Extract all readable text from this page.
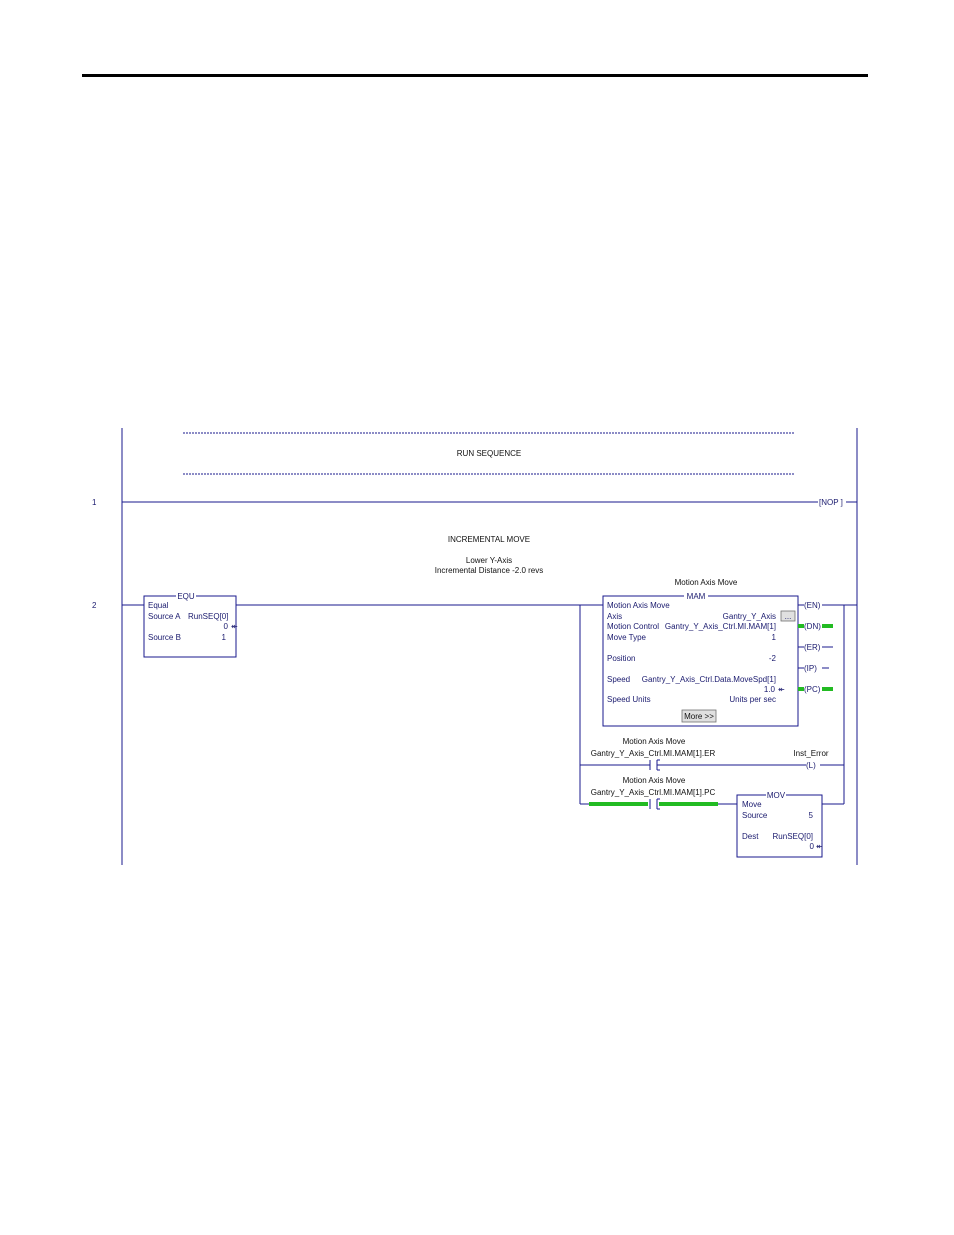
RUN SEQUENCE
1	[NOP ]
INCREMENTAL MOVE
Lower Y-Axis
Incremental Distance -2.0 revs
2
EQU
Equal
Source A RunSEQ[0]
0 ↞
Source B	1
Motion Axis Move
MAM
Motion Axis Move
Axis	Gantry_Y_Axis ...
Motion Control Gantry_Y_Axis_Ctrl.MI.MAM[1]
Move Type	1
Position	-2
Speed Gantry_Y_Axis_Ctrl.Data.MoveSpd[1]
1.0 ↞
Speed Units	Units per sec
More >>
(EN)
(DN)
(ER)
(IP)
(PC)
Motion Axis Move
Gantry_Y_Axis_Ctrl.MI.MAM[1].ER	Inst_Error
(L)
Motion Axis Move
Gantry_Y_Axis_Ctrl.MI.MAM[1].PC	MOV
Move
Source	5
Dest RunSEQ[0]
0 ↞
